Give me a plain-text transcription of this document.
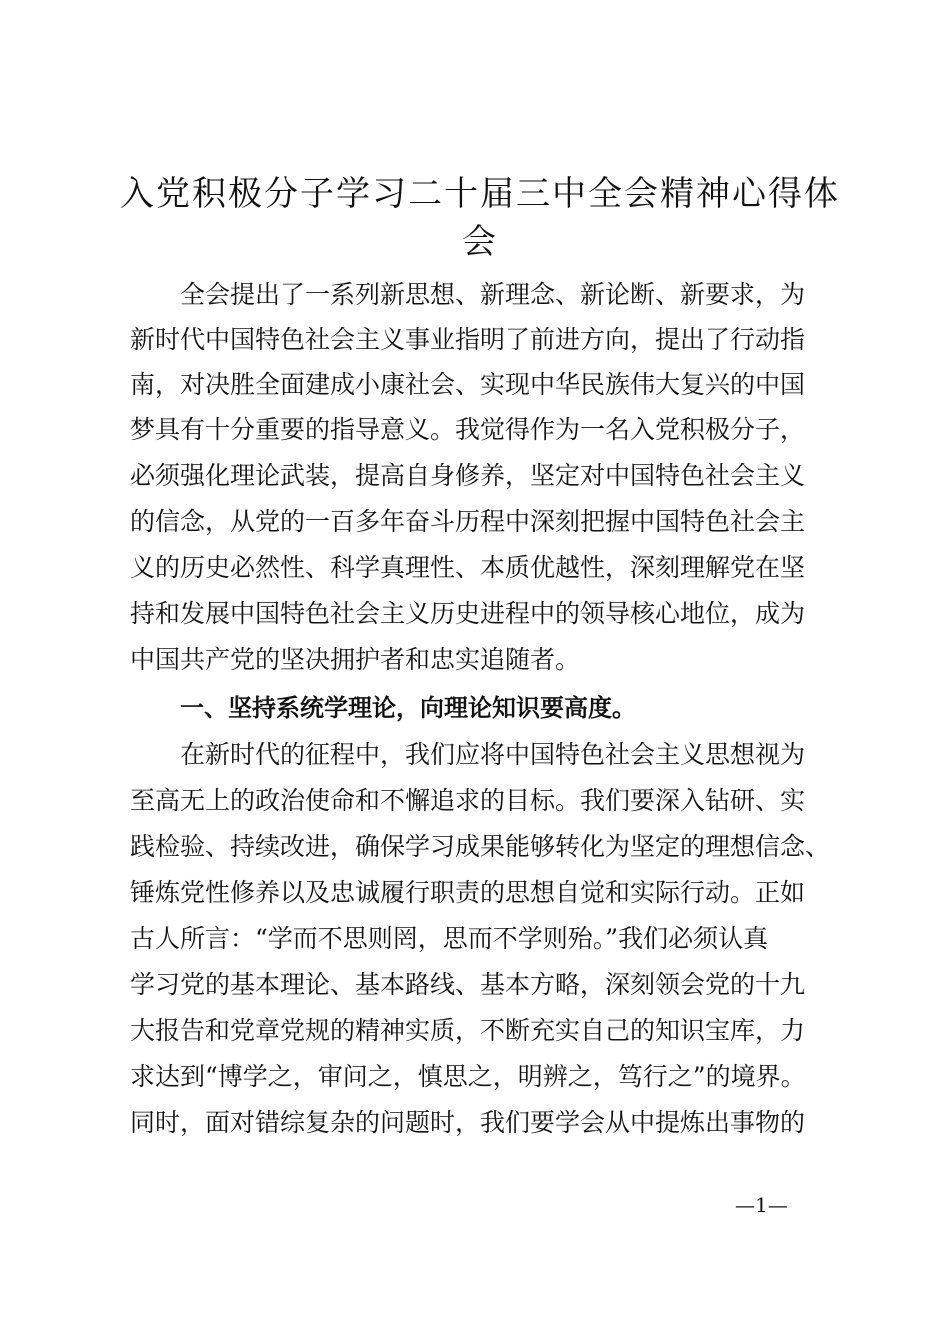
入党积极分子学习二十届三中全会精神心得体
会

全会提出了一系列新思想、新理念、新论断、新要求，为

新时代中国特色社会主义事业指明了前进方向，提出了行动指

南，对决胜全面建成小康社会、实现中华民族伟大复兴的中国

梦具有十分重要的指导意义。我觉得作为一名入党积极分子，

必须强化理论武装，提高自身修养，坚定对中国特色社会主义

的信念，从党的一百多年奋斗历程中深刻把握中国特色社会主

义的历史必然性、科学真理性、本质优越性，深刻理解党在坚

持和发展中国特色社会主义历史进程中的领导核心地位，成为

中国共产党的坚决拥护者和忠实追随者。

一、坚持系统学理论，向理论知识要高度。

在新时代的征程中，我们应将中国特色社会主义思想视为

至高无上的政治使命和不懈追求的目标。我们要深入钻研、实

践检验、持续改进，确保学习成果能够转化为坚定的理想信念、

锤炼党性修养以及忠诚履行职责的思想自觉和实际行动。正如

古人所言：“学而不思则罔，思而不学则殆。”我们必须认真

学习党的基本理论、基本路线、基本方略，深刻领会党的十九

大报告和党章党规的精神实质，不断充实自己的知识宝库，力

求达到“博学之，审问之，慎思之，明辨之，笃行之”的境界。

同时，面对错综复杂的问题时，我们要学会从中提炼出事物的

—1—
